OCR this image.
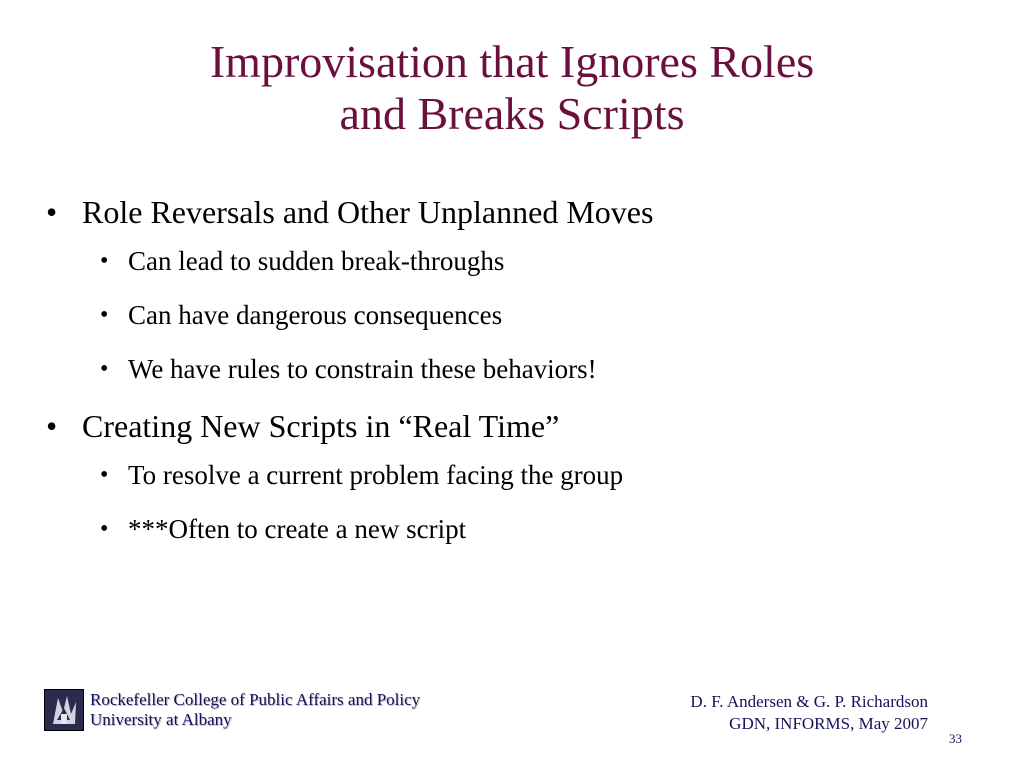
Improvisation that Ignores Roles
and Breaks Scripts
• Role Reversals and Other Unplanned Moves
• Can lead to sudden break-throughs
• Can have dangerous consequences
• We have rules to constrain these behaviors!
• Creating New Scripts in “Real Time”
• To resolve a current problem facing the group
• ***Often to create a new script
Rockefeller College of Public Affairs and Policy
University at Albany
D. F. Andersen & G. P. Richardson
GDN, INFORMS, May 2007
33
